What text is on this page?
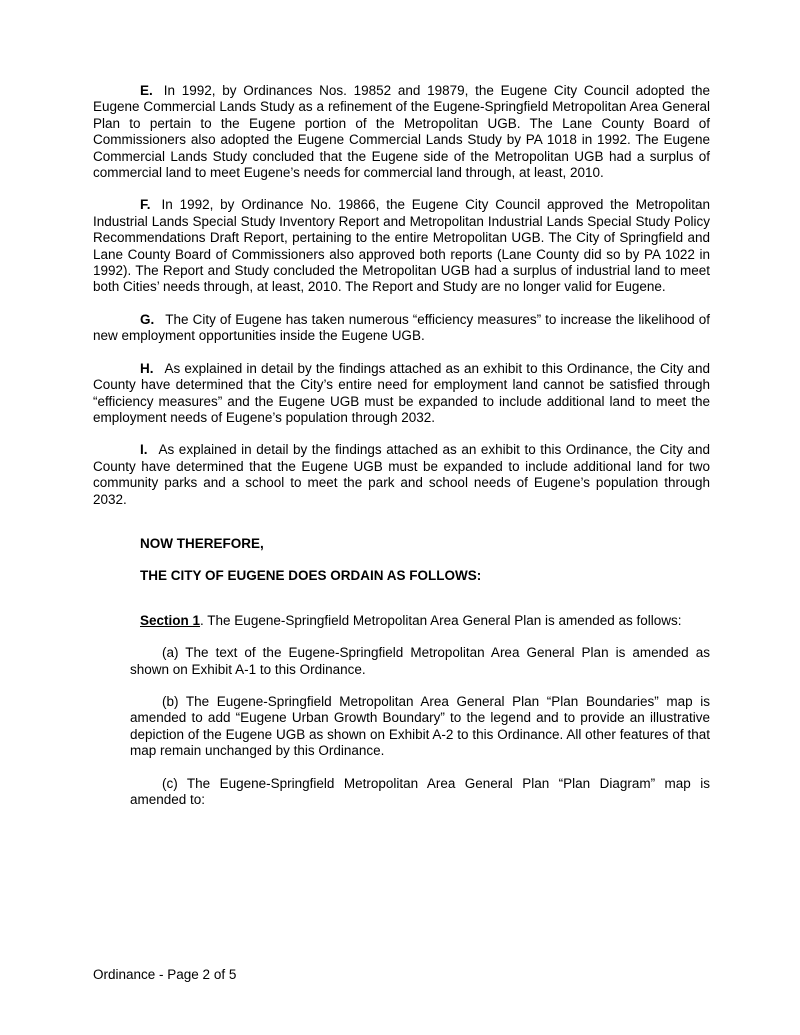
E. In 1992, by Ordinances Nos. 19852 and 19879, the Eugene City Council adopted the Eugene Commercial Lands Study as a refinement of the Eugene-Springfield Metropolitan Area General Plan to pertain to the Eugene portion of the Metropolitan UGB. The Lane County Board of Commissioners also adopted the Eugene Commercial Lands Study by PA 1018 in 1992. The Eugene Commercial Lands Study concluded that the Eugene side of the Metropolitan UGB had a surplus of commercial land to meet Eugene’s needs for commercial land through, at least, 2010.

F. In 1992, by Ordinance No. 19866, the Eugene City Council approved the Metropolitan Industrial Lands Special Study Inventory Report and Metropolitan Industrial Lands Special Study Policy Recommendations Draft Report, pertaining to the entire Metropolitan UGB. The City of Springfield and Lane County Board of Commissioners also approved both reports (Lane County did so by PA 1022 in 1992). The Report and Study concluded the Metropolitan UGB had a surplus of industrial land to meet both Cities’ needs through, at least, 2010. The Report and Study are no longer valid for Eugene.

G. The City of Eugene has taken numerous “efficiency measures” to increase the likelihood of new employment opportunities inside the Eugene UGB.

H. As explained in detail by the findings attached as an exhibit to this Ordinance, the City and County have determined that the City’s entire need for employment land cannot be satisfied through “efficiency measures” and the Eugene UGB must be expanded to include additional land to meet the employment needs of Eugene’s population through 2032.

I. As explained in detail by the findings attached as an exhibit to this Ordinance, the City and County have determined that the Eugene UGB must be expanded to include additional land for two community parks and a school to meet the park and school needs of Eugene’s population through 2032.

NOW THEREFORE,

THE CITY OF EUGENE DOES ORDAIN AS FOLLOWS:

Section 1. The Eugene-Springfield Metropolitan Area General Plan is amended as follows:

(a) The text of the Eugene-Springfield Metropolitan Area General Plan is amended as shown on Exhibit A-1 to this Ordinance.

(b) The Eugene-Springfield Metropolitan Area General Plan “Plan Boundaries” map is amended to add “Eugene Urban Growth Boundary” to the legend and to provide an illustrative depiction of the Eugene UGB as shown on Exhibit A-2 to this Ordinance. All other features of that map remain unchanged by this Ordinance.

(c) The Eugene-Springfield Metropolitan Area General Plan “Plan Diagram” map is amended to:

Ordinance - Page 2 of 5
